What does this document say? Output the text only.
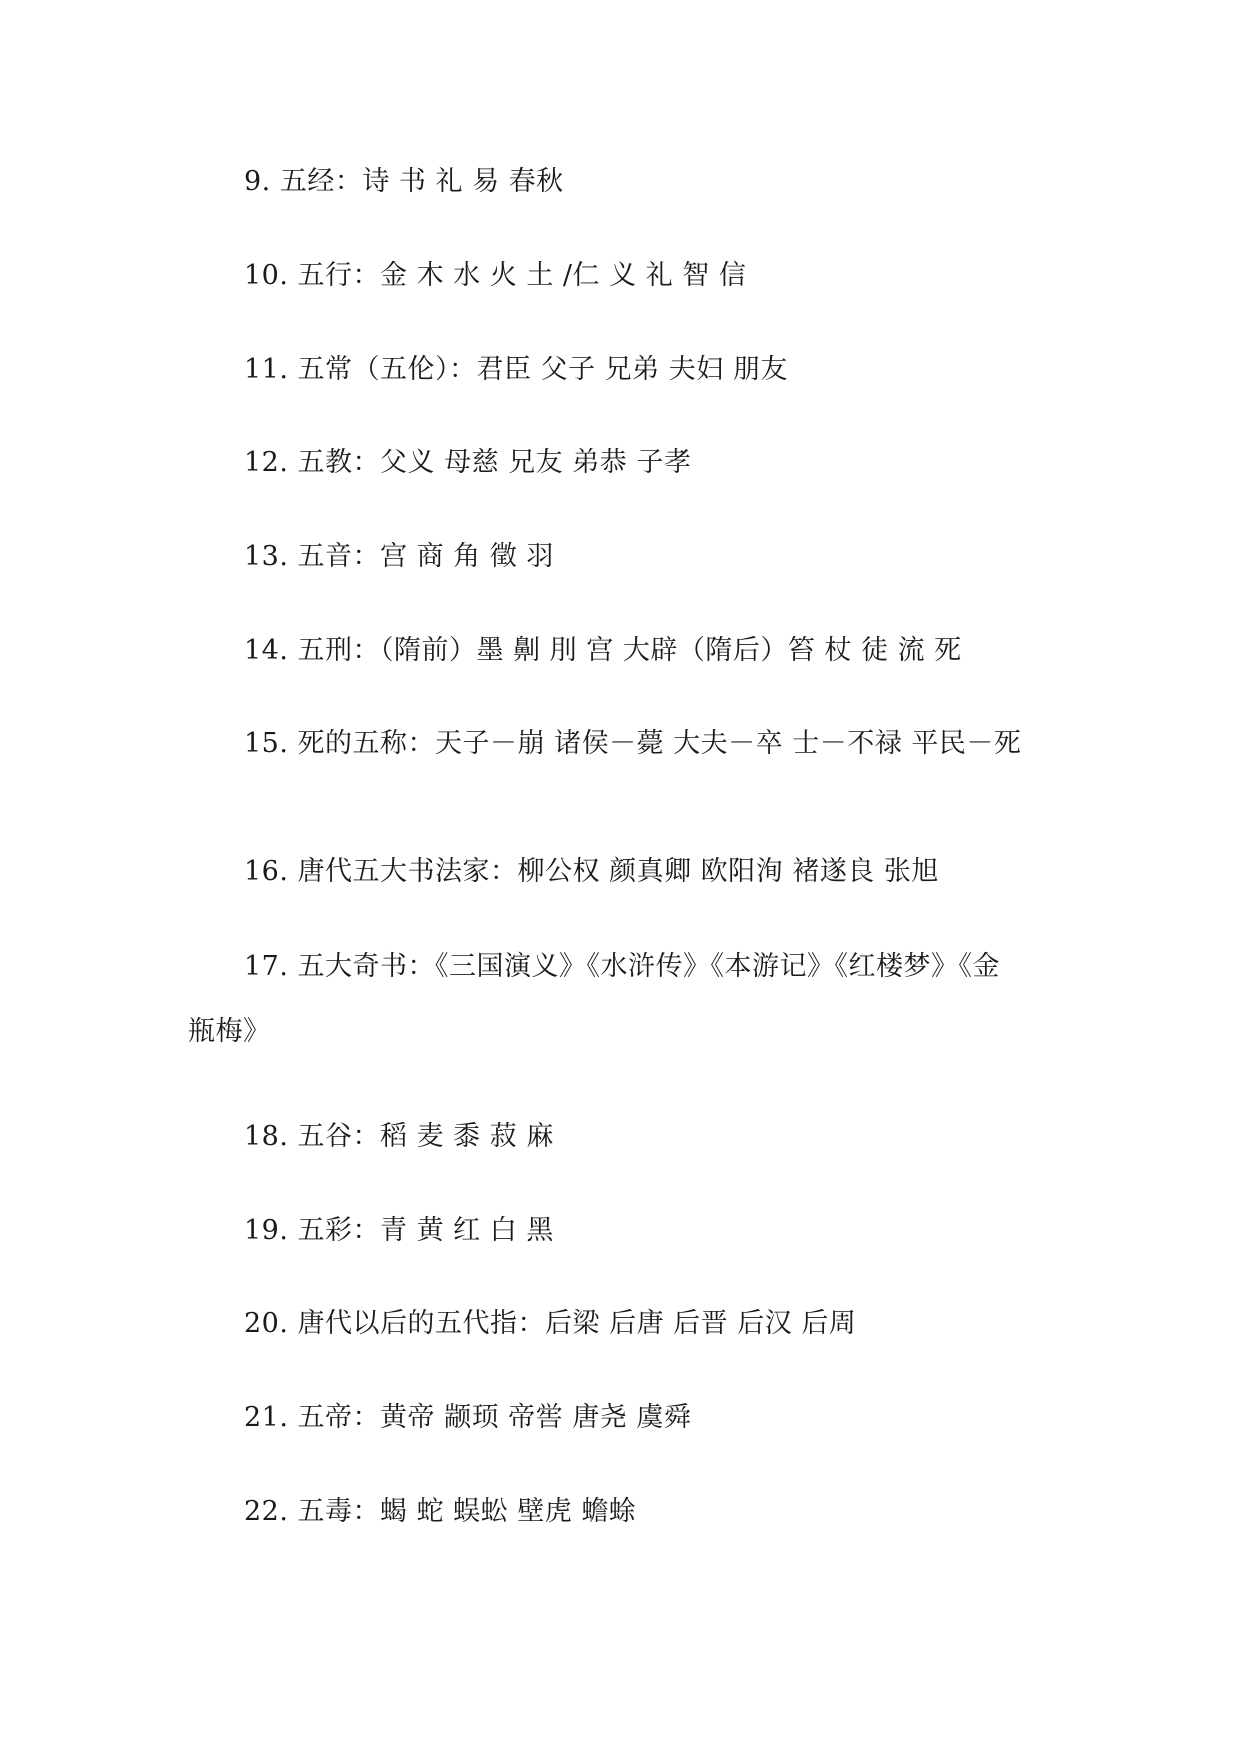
9. 五经：诗 书 礼 易 春秋
10. 五行：金 木 水 火 土 /仁 义 礼 智 信
11. 五常（五伦）：君臣 父子 兄弟 夫妇 朋友
12. 五教：父义 母慈 兄友 弟恭 子孝
13. 五音：宫 商 角 徵 羽
14. 五刑：（隋前）墨 劓 刖 宫 大辟（隋后）笞 杖 徒 流 死
15. 死的五称：天子－崩 诸侯－薨 大夫－卒 士－不禄 平民－死
16. 唐代五大书法家：柳公权 颜真卿 欧阳洵 褚遂良 张旭
17. 五大奇书：《三国演义》《水浒传》《本游记》《红楼梦》《金
瓶梅》
18. 五谷：稻 麦 黍 菽 麻
19. 五彩：青 黄 红 白 黑
20. 唐代以后的五代指：后梁 后唐 后晋 后汉 后周
21. 五帝：黄帝 颛顼 帝喾 唐尧 虞舜
22. 五毒：蝎 蛇 蜈蚣 壁虎 蟾蜍
